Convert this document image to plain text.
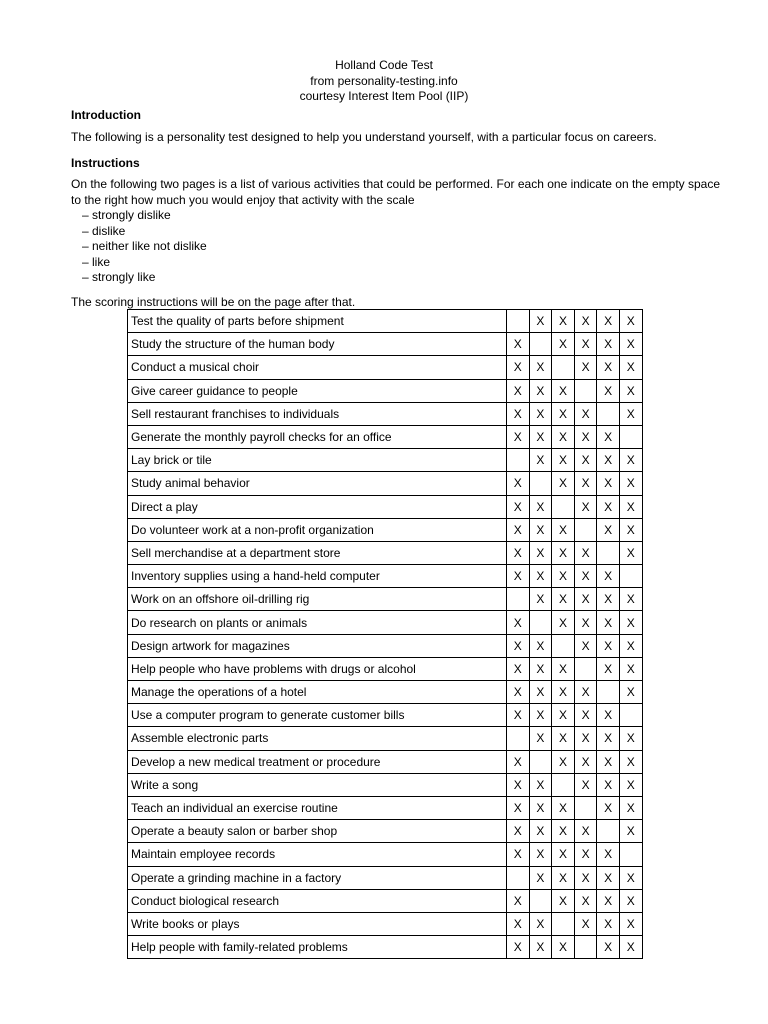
Holland Code Test
from personality-testing.info
courtesy Interest Item Pool (IIP)
Introduction
The following is a personality test designed to help you understand yourself, with a particular focus on careers.
Instructions
On the following two pages is a list of various activities that could be performed. For each one indicate on the empty space to the right how much you would enjoy that activity with the scale
– strongly dislike
– dislike
– neither like not dislike
– like
– strongly like
The scoring instructions will be on the page after that.
Test the quality of parts before shipment		X	X	X	X	X
Study the structure of the human body	X		X	X	X	X
Conduct a musical choir	X	X		X	X	X
Give career guidance to people	X	X	X		X	X
Sell restaurant franchises to individuals	X	X	X	X		X
Generate the monthly payroll checks for an office	X	X	X	X	X	
Lay brick or tile		X	X	X	X	X
Study animal behavior	X		X	X	X	X
Direct a play	X	X		X	X	X
Do volunteer work at a non-profit organization	X	X	X		X	X
Sell merchandise at a department store	X	X	X	X		X
Inventory supplies using a hand-held computer	X	X	X	X	X	
Work on an offshore oil-drilling rig		X	X	X	X	X
Do research on plants or animals	X		X	X	X	X
Design artwork for magazines	X	X		X	X	X
Help people who have problems with drugs or alcohol	X	X	X		X	X
Manage the operations of a hotel	X	X	X	X		X
Use a computer program to generate customer bills	X	X	X	X	X	
Assemble electronic parts		X	X	X	X	X
Develop a new medical treatment or procedure	X		X	X	X	X
Write a song	X	X		X	X	X
Teach an individual an exercise routine	X	X	X		X	X
Operate a beauty salon or barber shop	X	X	X	X		X
Maintain employee records	X	X	X	X	X	
Operate a grinding machine in a factory		X	X	X	X	X
Conduct biological research	X		X	X	X	X
Write books or plays	X	X		X	X	X
Help people with family-related problems	X	X	X		X	X
